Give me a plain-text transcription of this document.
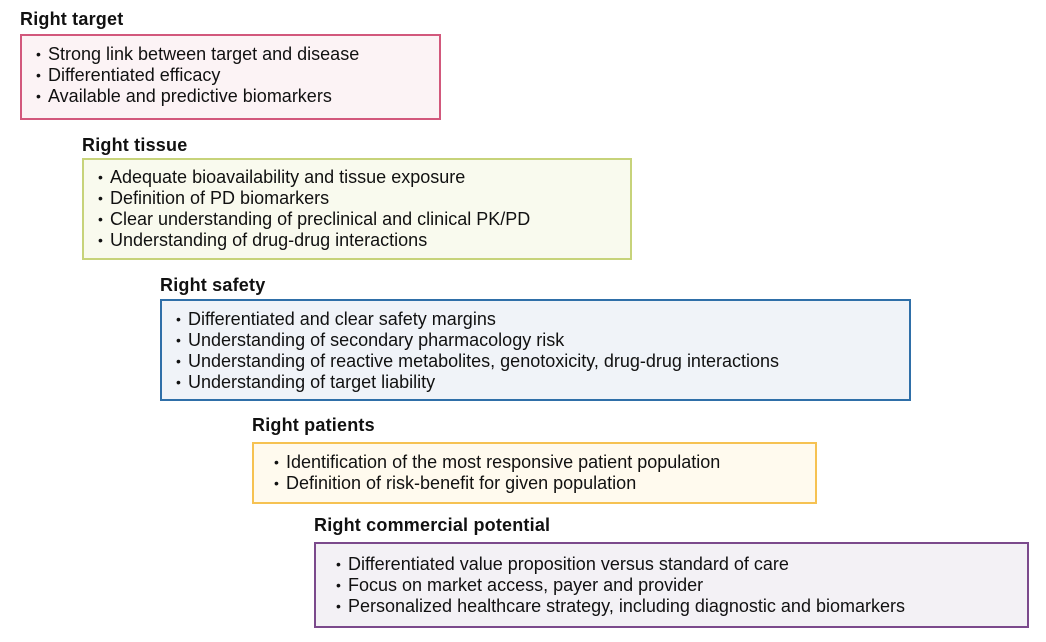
Right target
• Strong link between target and disease
• Differentiated efficacy
• Available and predictive biomarkers
Right tissue
• Adequate bioavailability and tissue exposure
• Definition of PD biomarkers
• Clear understanding of preclinical and clinical PK/PD
• Understanding of drug-drug interactions
Right safety
• Differentiated and clear safety margins
• Understanding of secondary pharmacology risk
• Understanding of reactive metabolites, genotoxicity, drug-drug interactions
• Understanding of target liability
Right patients
• Identification of the most responsive patient population
• Definition of risk-benefit for given population
Right commercial potential
• Differentiated value proposition versus standard of care
• Focus on market access, payer and provider
• Personalized healthcare strategy, including diagnostic and biomarkers
